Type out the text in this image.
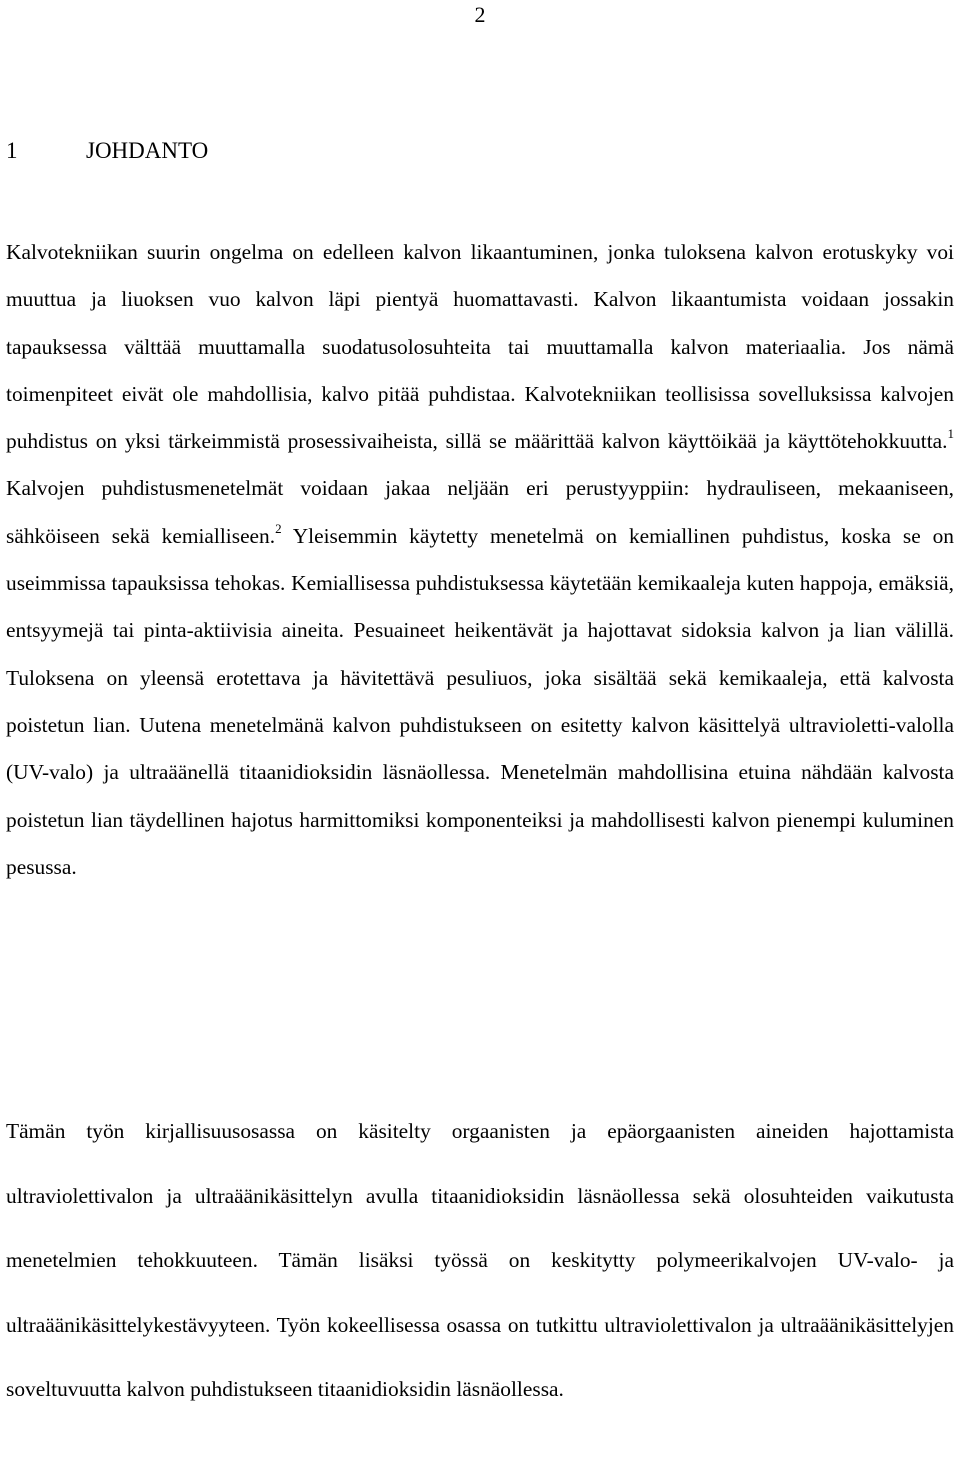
2
1	JOHDANTO

Kalvotekniikan suurin ongelma on edelleen kalvon likaantuminen, jonka tuloksena kalvon erotuskyky voi muuttua ja liuoksen vuo kalvon läpi pientyä huomattavasti. Kalvon likaantumista voidaan jossakin tapauksessa välttää muuttamalla suodatusolosuhteita tai muuttamalla kalvon materiaalia. Jos nämä toimenpiteet eivät ole mahdollisia, kalvo pitää puhdistaa. Kalvotekniikan teollisissa sovelluksissa kalvojen puhdistus on yksi tärkeimmistä prosessivaiheista, sillä se määrittää kalvon käyttöikää ja käyttötehokkuutta.$^1$ Kalvojen puhdistusmenetelmät voidaan jakaa neljään eri perustyyppiin: hydrauliseen, mekaaniseen, sähköiseen sekä kemialliseen.$^2$ Yleisemmin käytetty menetelmä on kemiallinen puhdistus, koska se on useimmissa tapauksissa tehokas. Kemiallisessa puhdistuksessa käytetään kemikaaleja kuten happoja, emäksiä, entsyymejä tai pinta-aktiivisia aineita. Pesuaineet heikentävät ja hajottavat sidoksia kalvon ja lian välillä. Tuloksena on yleensä erotettava ja hävitettävä pesuliuos, joka sisältää sekä kemikaaleja, että kalvosta poistetun lian. Uutena menetelmänä kalvon puhdistukseen on esitetty kalvon käsittelyä ultravioletti-valolla (UV-valo) ja ultraäänellä titaanidioksidin läsnäollessa. Menetelmän mahdollisina etuina nähdään kalvosta poistetun lian täydellinen hajotus harmittomiksi komponenteiksi ja mahdollisesti kalvon pienempi kuluminen pesussa.

Tämän työn kirjallisuusosassa on käsitelty orgaanisten ja epäorgaanisten aineiden hajottamista ultraviolettivalon ja ultraäänikäsittelyn avulla titaanidioksidin läsnäollessa sekä olosuhteiden vaikutusta menetelmien tehokkuuteen. Tämän lisäksi työssä on keskitytty polymeerikalvojen UV-valo- ja ultraäänikäsittelykestävyyteen. Työn kokeellisessa osassa on tutkittu ultraviolettivalon ja ultraäänikäsittelyjen soveltuvuutta kalvon puhdistukseen titaanidioksidin läsnäollessa.
